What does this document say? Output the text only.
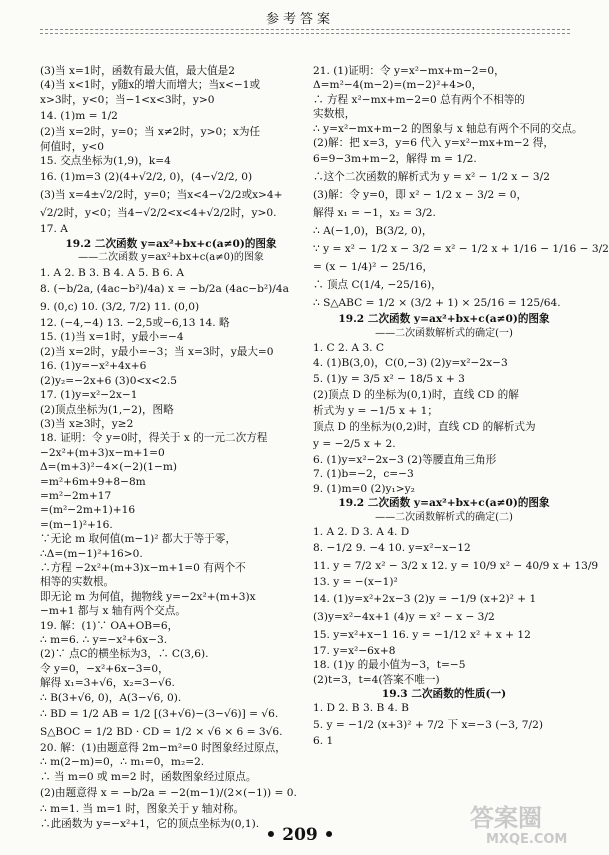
参考答案
(3)当 x=1时，函数有最大值，最大值是2
(4)当 x<1时，y随x的增大而增大；当x<−1或
x>3时，y<0；当−1<x<3时，y>0
14. (1)m = 1/2
(2)当 x=2时，y=0；当 x≠2时，y>0；x为任
何值时，y<0
15. 交点坐标为(1,9)，k=4
16. (1)m=3 (2)(4+√2/2, 0)，(4−√2/2, 0)
(3)当 x=4±√2/2时，y=0；当x<4−√2/2或x>4+
√2/2时，y<0；当4−√2/2<x<4+√2/2时，y>0.
17. A
19.2 二次函数 y=ax²+bx+c(a≠0)的图象
——二次函数 y=ax²+bx+c(a≠0)的图象
1. A 2. B 3. B 4. A 5. B 6. A
8. (−b/2a, (4ac−b²)/4a) x = −b/2a (4ac−b²)/4a
9. (0,c) 10. (3/2, 7/2) 11. (0,0)
12. (−4,−4) 13. −2,5或−6,13 14. 略
15. (1)当 x=1时，y最小=−4
(2)当 x=2时，y最小=−3；当 x=3时，y最大=0
16. (1)y=−x²+4x+6
(2)y₂=−2x+6 (3)0<x<2.5
17. (1)y=x²−2x−1
(2)顶点坐标为(1,−2)，图略
(3)当 x≥3时，y≥2
18. 证明：令 y=0时，得关于 x 的一元二次方程
−2x²+(m+3)x−m+1=0
Δ=(m+3)²−4×(−2)(1−m)
=m²+6m+9+8−8m
=m²−2m+17
=(m²−2m+1)+16
=(m−1)²+16.
∵无论 m 取何值(m−1)² 都大于等于零，
∴Δ=(m−1)²+16>0.
∴方程 −2x²+(m+3)x−m+1=0 有两个不
相等的实数根。
即无论 m 为何值，抛物线 y=−2x²+(m+3)x
−m+1 都与 x 轴有两个交点。
19. 解：(1)∵ OA+OB=6，
∴ m=6. ∴ y=−x²+6x−3.
(2)∵ 点C的横坐标为3，∴ C(3,6).
令 y=0，−x²+6x−3=0，
解得 x₁=3+√6，x₂=3−√6.
∴ B(3+√6, 0)，A(3−√6, 0).
∴ BD = 1/2 AB = 1/2 [(3+√6)−(3−√6)] = √6.
S△BOC = 1/2 BD · CD = 1/2 × √6 × 6 = 3√6.
20. 解：(1)由题意得 2m−m²=0 时图象经过原点，
∴ m(2−m)=0，∴ m₁=0，m₂=2.
∴ 当 m=0 或 m=2 时，函数图象经过原点。
(2)由题意得 x = −b/2a = −2(m−1)/(2×(−1)) = 0.
∴ m=1. 当 m=1 时，图象关于 y 轴对称。
∴此函数为 y=−x²+1，它的顶点坐标为(0,1).
21. (1)证明：令 y=x²−mx+m−2=0，
Δ=m²−4(m−2)=(m−2)²+4>0，
∴ 方程 x²−mx+m−2=0 总有两个不相等的
实数根，
∴ y=x²−mx+m−2 的图象与 x 轴总有两个不同的交点。
(2)解：把 x=3，y=6 代入 y=x²−mx+m−2 得，
6=9−3m+m−2，解得 m = 1/2.
∴这个二次函数的解析式为 y = x² − 1/2 x − 3/2
(3)解：令 y=0，即 x² − 1/2 x − 3/2 = 0，
解得 x₁ = −1，x₂ = 3/2.
∴ A(−1,0)，B(3/2, 0)，
∵ y = x² − 1/2 x − 3/2 = x² − 1/2 x + 1/16 − 1/16 − 3/2
= (x − 1/4)² − 25/16，
∴ 顶点 C(1/4, −25/16)，
∴ S△ABC = 1/2 × (3/2 + 1) × 25/16 = 125/64.
19.2 二次函数 y=ax²+bx+c(a≠0)的图象
——二次函数解析式的确定(一)
1. C 2. A 3. C
4. (1)B(3,0)，C(0,−3) (2)y=x²−2x−3
5. (1)y = 3/5 x² − 18/5 x + 3
(2)顶点 D 的坐标为(0,1)时，直线 CD 的解
析式为 y = −1/5 x + 1；
顶点 D 的坐标为(0,2)时，直线 CD 的解析式为
y = −2/5 x + 2.
6. (1)y=x²−2x−3 (2)等腰直角三角形
7. (1)b=−2，c=−3
9. (1)m=0 (2)y₁>y₂
19.2 二次函数 y=ax²+bx+c(a≠0)的图象
——二次函数解析式的确定(二)
1. A 2. D 3. A 4. D
8. −1/2 9. −4 10. y=x²−x−12
11. y = 7/2 x² − 3/2 x 12. y = 10/9 x² − 40/9 x + 13/9
13. y = −(x−1)²
14. (1)y=x²+2x−3 (2)y = −1/9 (x+2)² + 1
(3)y=x²−4x+1 (4)y = x² − x − 3/2
15. y=x²+x−1 16. y = −1/12 x² + x + 12
17. y=x²−6x+8
18. (1)y 的最小值为−3，t=−5
(2)t=3，t=4(答案不唯一)
19.3 二次函数的性质(一)
1. D 2. B 3. B 4. B
5. y = −1/2 (x+3)² + 7/2 下 x=−3 (−3, 7/2)
6. 1
答案圈
MXQE.COM
• 209 •
